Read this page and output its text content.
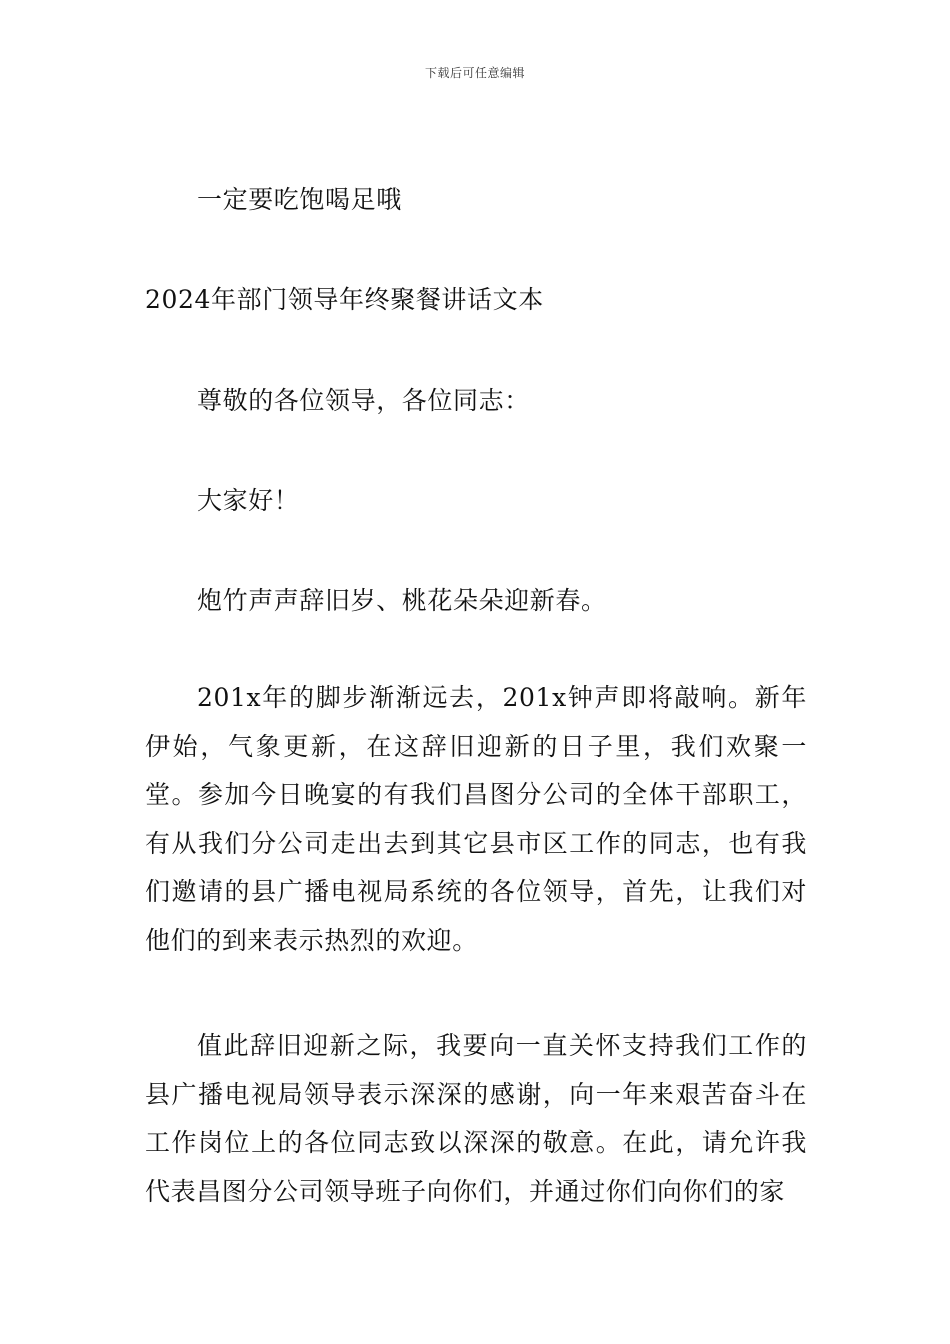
下载后可任意编辑
一定要吃饱喝足哦
2024年部门领导年终聚餐讲话文本
尊敬的各位领导，各位同志：
大家好！
炮竹声声辞旧岁、桃花朵朵迎新春。
201x年的脚步渐渐远去，201x钟声即将敲响。新年伊始，气象更新，在这辞旧迎新的日子里，我们欢聚一堂。参加今日晚宴的有我们昌图分公司的全体干部职工，有从我们分公司走出去到其它县市区工作的同志，也有我们邀请的县广播电视局系统的各位领导，首先，让我们对他们的到来表示热烈的欢迎。
值此辞旧迎新之际，我要向一直关怀支持我们工作的县广播电视局领导表示深深的感谢，向一年来艰苦奋斗在工作岗位上的各位同志致以深深的敬意。在此，请允许我代表昌图分公司领导班子向你们，并通过你们向你们的家
